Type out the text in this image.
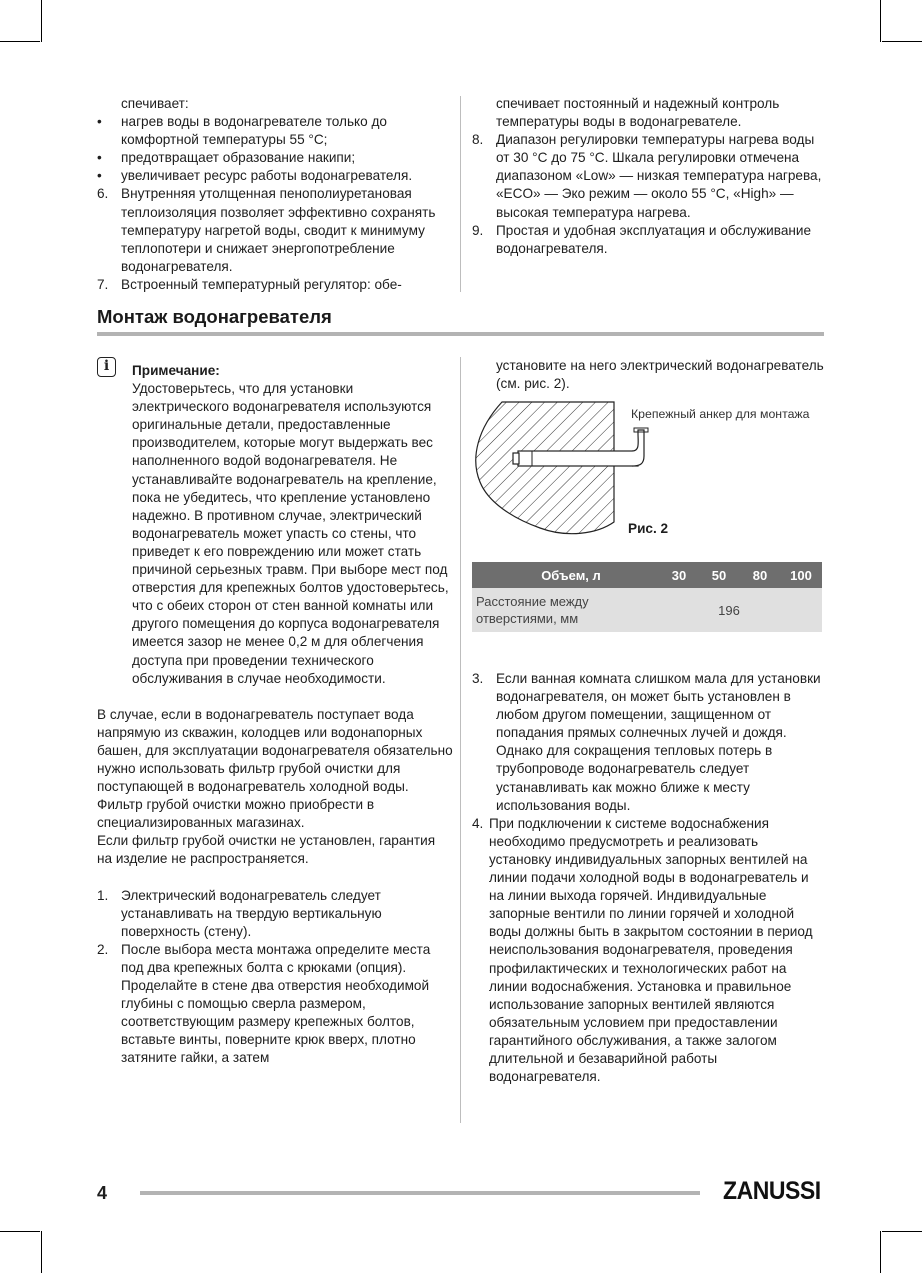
спечивает:

• нагрев воды в водонагревателе только до комфортной температуры 55 °C;
• предотвращает образование накипи;
• увеличивает ресурс работы водонагревателя.
6. Внутренняя утолщенная пенополиуретановая теплоизоляция позволяет эффективно сохранять температуру нагретой воды, сводит к минимуму теплопотери и снижает энергопотребление водонагревателя.
7. Встроенный температурный регулятор: обе-

спечивает постоянный и надежный контроль температуры воды в водонагревателе.

8. Диапазон регулировки температуры нагрева воды от 30 °C до 75 °C. Шкала регулировки отмечена диапазоном «Low» — низкая температура нагрева, «ECO» — Эко режим — около 55 °C, «High» — высокая температура нагрева.
9. Простая и удобная эксплуатация и обслуживание водонагревателя.
Монтаж водонагревателя
i	Примечание:

Удостоверьтесь, что для установки электрического водонагревателя используются оригинальные детали, предоставленные производителем, которые могут выдержать вес наполненного водой водонагревателя. Не устанавливайте водонагреватель на крепление, пока не убедитесь, что крепление установлено надежно. В противном случае, электрический водонагреватель может упасть со стены, что приведет к его повреждению или может стать причиной серьезных травм. При выборе мест под отверстия для крепежных болтов удостоверьтесь, что с обеих сторон от стен ванной комнаты или другого помещения до корпуса водонагревателя имеется зазор не менее 0,2 м для облегчения доступа при проведении технического обслуживания в случае необходимости.

В случае, если в водонагреватель поступает вода напрямую из скважин, колодцев или водонапорных башен, для эксплуатации водонагревателя обязательно нужно использовать фильтр грубой очистки для поступающей в водонагреватель холодной воды.

Фильтр грубой очистки можно приобрести в специализированных магазинах.

Если фильтр грубой очистки не установлен, гарантия на изделие не распространяется.

1. Электрический водонагреватель следует устанавливать на твердую вертикальную поверхность (стену).
2. После выбора места монтажа определите места под два крепежных болта с крюками (опция). Проделайте в стене два отверстия необходимой глубины с помощью сверла размером, соответствующим размеру крепежных болтов, вставьте винты, поверните крюк вверх, плотно затяните гайки, а затем

установите на него электрический водонагреватель (см. рис. 2).

Крепежный анкер для монтажа
Рис. 2
Объем, л	30	50	80	100
Расстояние между отверстиями, мм	196			
3. Если ванная комната слишком мала для установки водонагревателя, он может быть установлен в любом другом помещении, защищенном от попадания прямых солнечных лучей и дождя. Однако для сокращения тепловых потерь в трубопроводе водонагреватель следует устанавливать как можно ближе к месту использования воды.
4. При подключении к системе водоснабжения необходимо предусмотреть и реализовать установку индивидуальных запорных вентилей на линии подачи холодной воды в водонагреватель и на линии выхода горячей. Индивидуальные запорные вентили по линии горячей и холодной воды должны быть в закрытом состоянии в период неиспользования водонагревателя, проведения профилактических и технологических работ на линии водоснабжения. Установка и правильное использование запорных вентилей являются обязательным условием при предоставлении гарантийного обслуживания, а также залогом длительной и безаварийной работы водонагревателя.
4	ZANUSSI
